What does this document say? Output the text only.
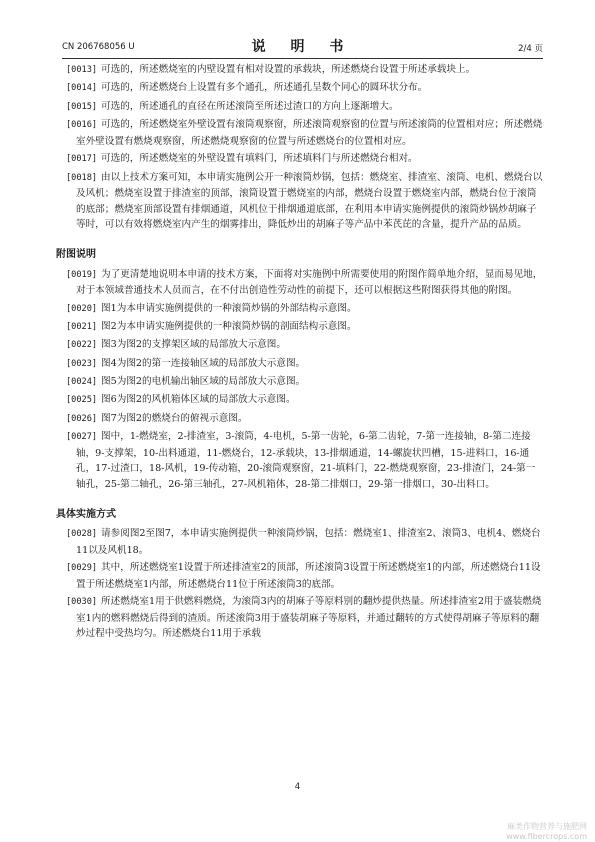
CN 206768056 U	说 明 书	2/4 页
[0013] 可选的，所述燃烧室的内壁设置有相对设置的承载块，所述燃烧台设置于所述承载块上。
[0014] 可选的，所述燃烧台上设置有多个通孔，所述通孔呈数个同心的圆环状分布。
[0015] 可选的，所述通孔的直径在所述滚筒至所述过渣口的方向上逐渐增大。
[0016] 可选的，所述燃烧室外壁设置有滚筒观察窗，所述滚筒观察窗的位置与所述滚筒的位置相对应；所述燃烧室外壁设置有燃烧观察窗，所述燃烧观察窗的位置与所述燃烧台的位置相对应。
[0017] 可选的，所述燃烧室的外壁设置有填料门，所述填料门与所述燃烧台相对。
[0018] 由以上技术方案可知，本申请实施例公开一种滚筒炒锅，包括：燃烧室、排渣室、滚筒、电机、燃烧台以及风机；燃烧室设置于排渣室的顶部，滚筒设置于燃烧室的内部，燃烧台设置于燃烧室内部，燃烧台位于滚筒的底部；燃烧室顶部设置有排烟通道，风机位于排烟通道底部，在利用本申请实施例提供的滚筒炒锅炒胡麻子等时，可以有效将燃烧室内产生的烟雾排出，降低炒出的胡麻子等产品中苯芪芘的含量，提升产品的品质。
附图说明
[0019] 为了更清楚地说明本申请的技术方案，下面将对实施例中所需要使用的附图作简单地介绍，显而易见地，对于本领域普通技术人员而言，在不付出创造性劳动性的前提下，还可以根据这些附图获得其他的附图。
[0020] 图1为本申请实施例提供的一种滚筒炒锅的外部结构示意图。
[0021] 图2为本申请实施例提供的一种滚筒炒锅的剖面结构示意图。
[0022] 图3为图2的支撑架区域的局部放大示意图。
[0023] 图4为图2的第一连接轴区域的局部放大示意图。
[0024] 图5为图2的电机输出轴区域的局部放大示意图。
[0025] 图6为图2的风机箱体区域的局部放大示意图。
[0026] 图7为图2的燃烧台的俯视示意图。
[0027] 图中，1-燃烧室，2-排渣室，3-滚筒，4-电机，5-第一齿轮，6-第二齿轮，7-第一连接轴，8-第二连接轴，9-支撑架，10-出料通道，11-燃烧台，12-承载块，13-排烟通道，14-螺旋状凹槽，15-进料口，16-通孔，17-过渣口，18-风机，19-传动箱，20-滚筒观察窗，21-填料门，22-燃烧观察窗，23-排渣门，24-第一轴孔，25-第二轴孔，26-第三轴孔，27-风机箱体，28-第二排烟口，29-第一排烟口，30-出料口。
具体实施方式
[0028] 请参阅图2至图7，本申请实施例提供一种滚筒炒锅，包括：燃烧室1、排渣室2、滚筒3、电机4、燃烧台11以及风机18。
[0029] 其中，所述燃烧室1设置于所述排渣室2的顶部，所述滚筒3设置于所述燃烧室1的内部，所述燃烧台11设置于所述燃烧室1内部，所述燃烧台11位于所述滚筒3的底部。
[0030] 所述燃烧室1用于供燃料燃烧，为滚筒3内的胡麻子等原料别的翻炒提供热量。所述排渣室2用于盛装燃烧室1内的燃料燃烧后得到的渣质。所述滚筒3用于盛装胡麻子等原料，并通过翻转的方式使得胡麻子等原料的翻炒过程中受热均匀。所述燃烧台11用于承载
4
麻类作物营养与施肥网
www.fibercrops.com
